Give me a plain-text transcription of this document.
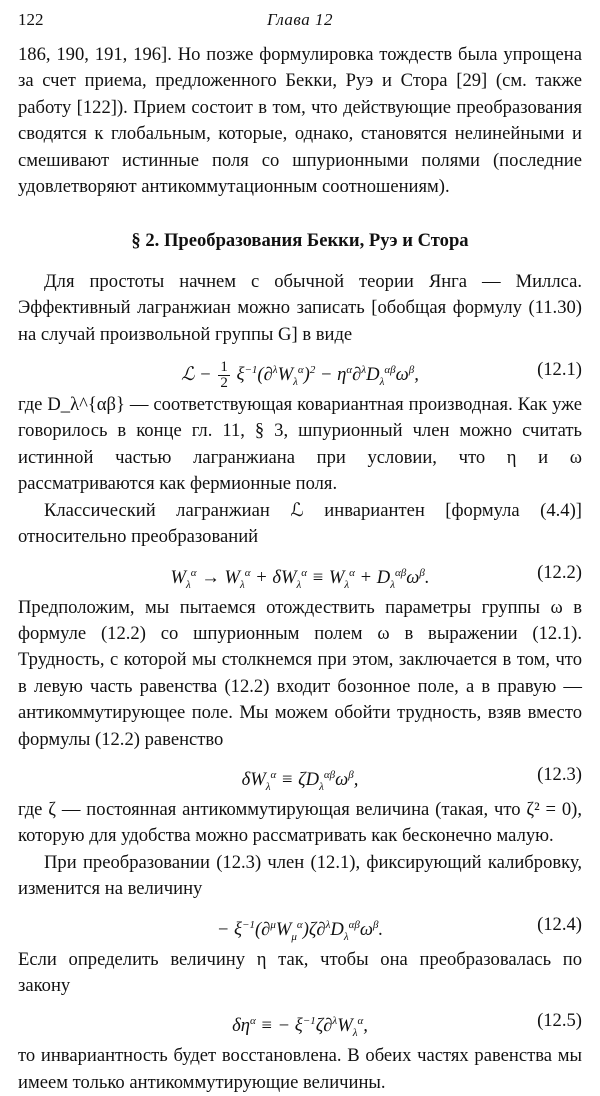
122	Глава 12

186, 190, 191, 196]. Но позже формулировка тождеств была упрощена за счет приема, предложенного Бекки, Руэ и Стора [29] (см. также работу [122]). Прием состоит в том, что действующие преобразования сводятся к глобальным, которые, однако, становятся нелинейными и смешивают истинные поля со шпурионными полями (последние удовлетворяют антикоммутационным соотношениям).

§ 2. Преобразования Бекки, Руэ и Стора

Для простоты начнем с обычной теории Янга — Миллса. Эффективный лагранжиан можно записать [обобщая формулу (11.30) на случай произвольной группы G] в виде

ℒ − $\frac{1}{2} \xi^{-1}(\partial^\lambda W_\lambda^\alpha)^2 - \eta^\alpha\partial^\lambda D_\lambda^{\alpha\beta}\omega^\beta$,	(12.1)

где D_λ^{αβ} — соответствующая ковариантная производная. Как уже говорилось в конце гл. 11, § 3, шпурионный член можно считать истинной частью лагранжиана при условии, что η и ω рассматриваются как фермионные поля.

Классический лагранжиан ℒ инвариантен [формула (4.4)] относительно преобразований

$W_\lambda^\alpha \to W_\lambda^\alpha + \delta W_\lambda^\alpha \equiv W_\lambda^\alpha + D_\lambda^{\alpha\beta}\omega^\beta$.	(12.2)

Предположим, мы пытаемся отождествить параметры группы ω в формуле (12.2) со шпурионным полем ω в выражении (12.1). Трудность, с которой мы столкнемся при этом, заключается в том, что в левую часть равенства (12.2) входит бозонное поле, а в правую — антикоммутирующее поле. Мы можем обойти трудность, взяв вместо формулы (12.2) равенство

$\delta W_\lambda^\alpha \equiv \zeta D_\lambda^{\alpha\beta}\omega^\beta$,	(12.3)

где ζ — постоянная антикоммутирующая величина (такая, что ζ² = 0), которую для удобства можно рассматривать как бесконечно малую.

При преобразовании (12.3) член (12.1), фиксирующий калибровку, изменится на величину

− $\xi^{-1}(\partial^\mu W_\mu^\alpha)\zeta\partial^\lambda D_\lambda^{\alpha\beta}\omega^\beta$.	(12.4)

Если определить величину η так, чтобы она преобразовалась по закону

$\delta\eta^\alpha$ ≡ − $\xi^{-1}\zeta\partial^\lambda W_\lambda^\alpha$,	(12.5)

то инвариантность будет восстановлена. В обеих частях равенства мы имеем только антикоммутирующие величины.
